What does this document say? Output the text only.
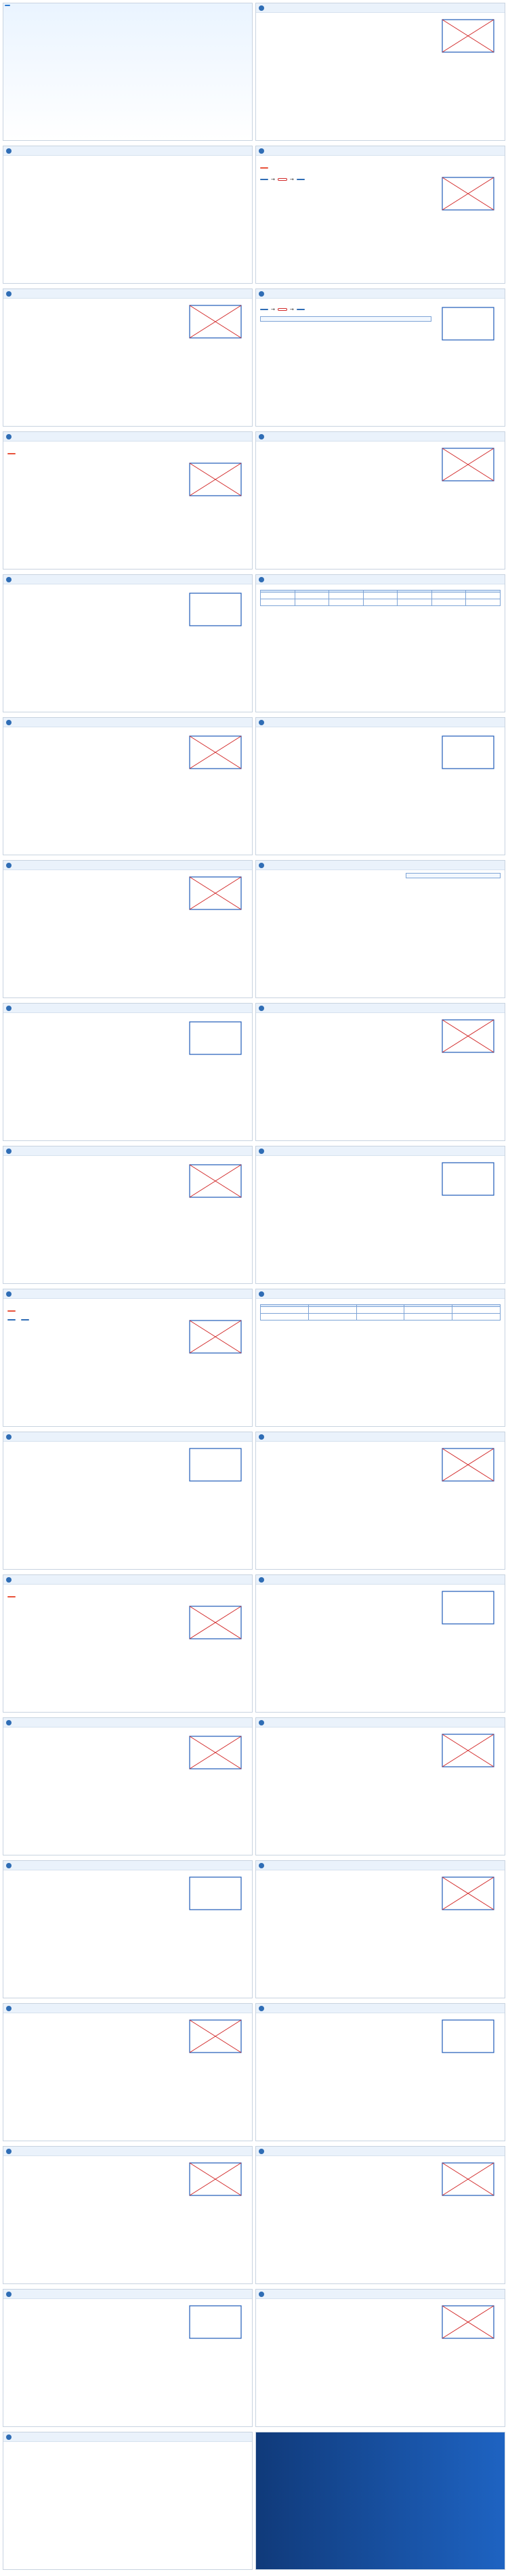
→	→
→	→
